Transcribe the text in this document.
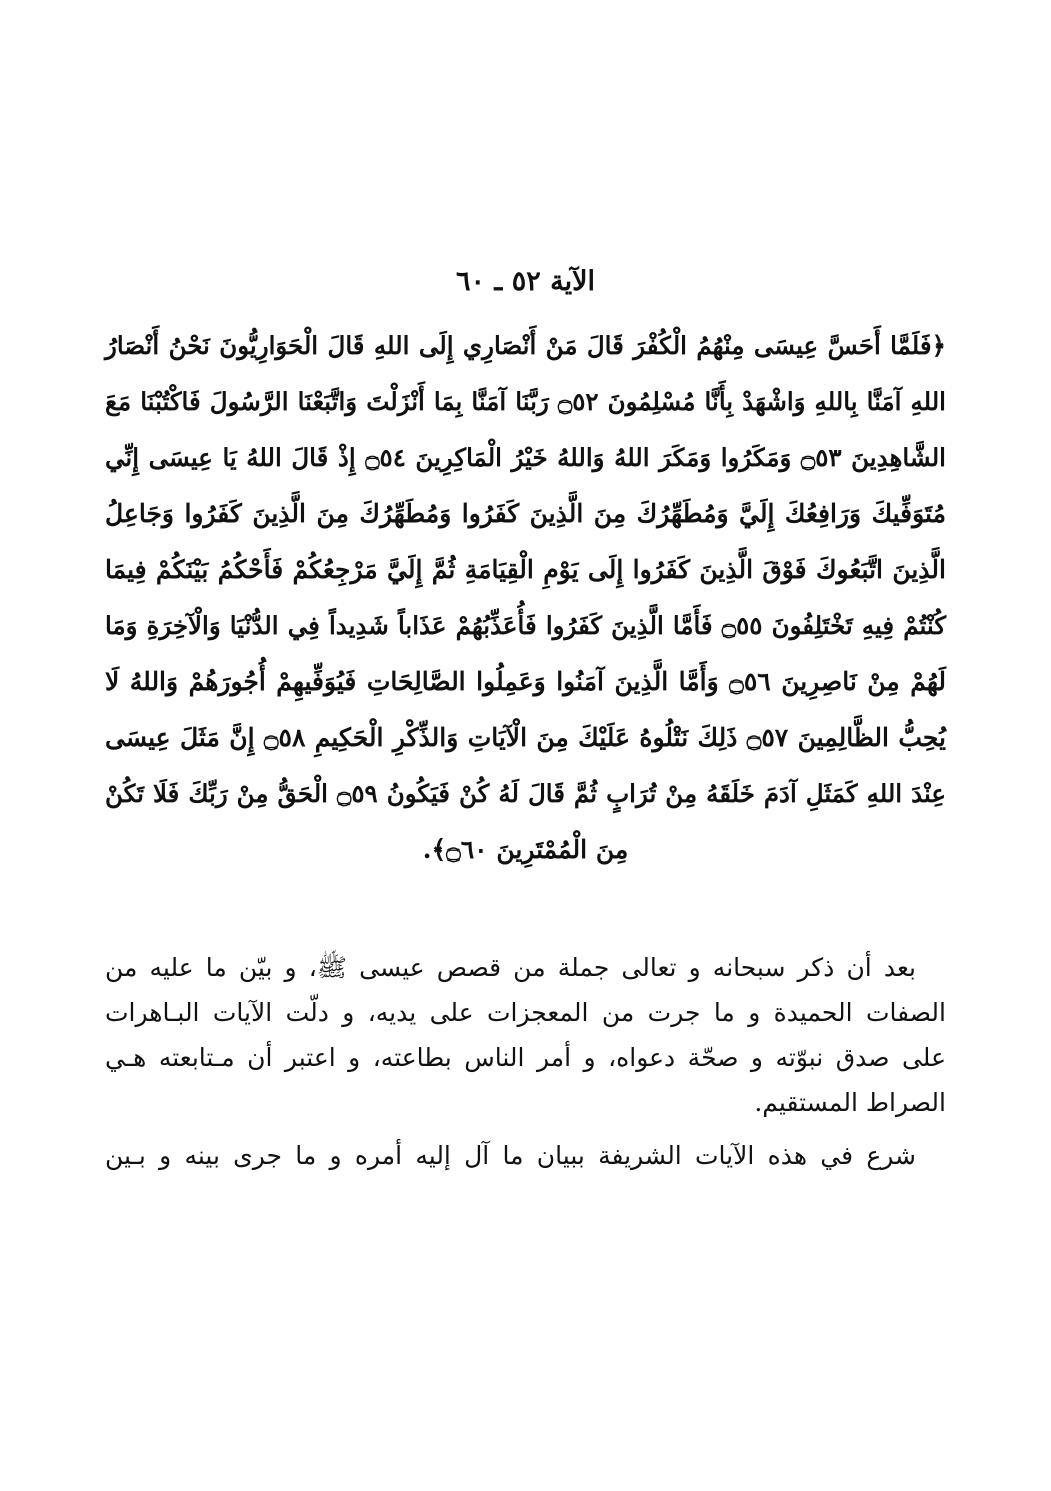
الآية ٥٢ ـ ٦٠
﴿فَلَمَّا أَحَسَّ عِيسَى مِنْهُمُ الْكُفْرَ قَالَ مَنْ أَنْصَارِي إِلَى اللهِ قَالَ الْحَوَارِيُّونَ نَحْنُ أَنْصَارُ
اللهِ آمَنَّا بِاللهِ وَاشْهَدْ بِأَنَّا مُسْلِمُونَ ۝٥٢ رَبَّنَا آمَنَّا بِمَا أَنْزَلْتَ وَاتَّبَعْنَا الرَّسُولَ فَاكْتُبْنَا مَعَ
الشَّاهِدِينَ ۝٥٣ وَمَكَرُوا وَمَكَرَ اللهُ وَاللهُ خَيْرُ الْمَاكِرِينَ ۝٥٤ إِذْ قَالَ اللهُ يَا عِيسَى إِنِّي
مُتَوَفِّيكَ وَرَافِعُكَ إِلَيَّ وَمُطَهِّرُكَ مِنَ الَّذِينَ كَفَرُوا وَمُطَهِّرُكَ مِنَ الَّذِينَ كَفَرُوا وَجَاعِلُ
الَّذِينَ اتَّبَعُوكَ فَوْقَ الَّذِينَ كَفَرُوا إِلَى يَوْمِ الْقِيَامَةِ ثُمَّ إِلَيَّ مَرْجِعُكُمْ فَأَحْكُمُ بَيْنَكُمْ فِيمَا
كُنْتُمْ فِيهِ تَخْتَلِفُونَ ۝٥٥ فَأَمَّا الَّذِينَ كَفَرُوا فَأُعَذِّبُهُمْ عَذَاباً شَدِيداً فِي الدُّنْيَا وَالْآخِرَةِ وَمَا
لَهُمْ مِنْ نَاصِرِينَ ۝٥٦ وَأَمَّا الَّذِينَ آمَنُوا وَعَمِلُوا الصَّالِحَاتِ فَيُوَفِّيهِمْ أُجُورَهُمْ وَاللهُ لَا
يُحِبُّ الظَّالِمِينَ ۝٥٧ ذَلِكَ نَتْلُوهُ عَلَيْكَ مِنَ الْآيَاتِ وَالذِّكْرِ الْحَكِيمِ ۝٥٨ إِنَّ مَثَلَ عِيسَى
عِنْدَ اللهِ كَمَثَلِ آدَمَ خَلَقَهُ مِنْ تُرَابٍ ثُمَّ قَالَ لَهُ كُنْ فَيَكُونُ ۝٥٩ الْحَقُّ مِنْ رَبِّكَ فَلَا تَكُنْ
مِنَ الْمُمْتَرِينَ ۝٦٠﴾.
بعد أن ذكر سبحانه و تعالى جملة من قصص عيسى ﷺ، و بيّن ما عليه من
الصفات الحميدة و ما جرت من المعجزات على يديه، و دلّت الآيات البـاهرات
على صدق نبوّته و صحّة دعواه، و أمر الناس بطاعته، و اعتبر أن مـتابعته هـي
الصراط المستقيم.
شرع في هذه الآيات الشريفة ببيان ما آل إليه أمره و ما جرى بينه و بـين
